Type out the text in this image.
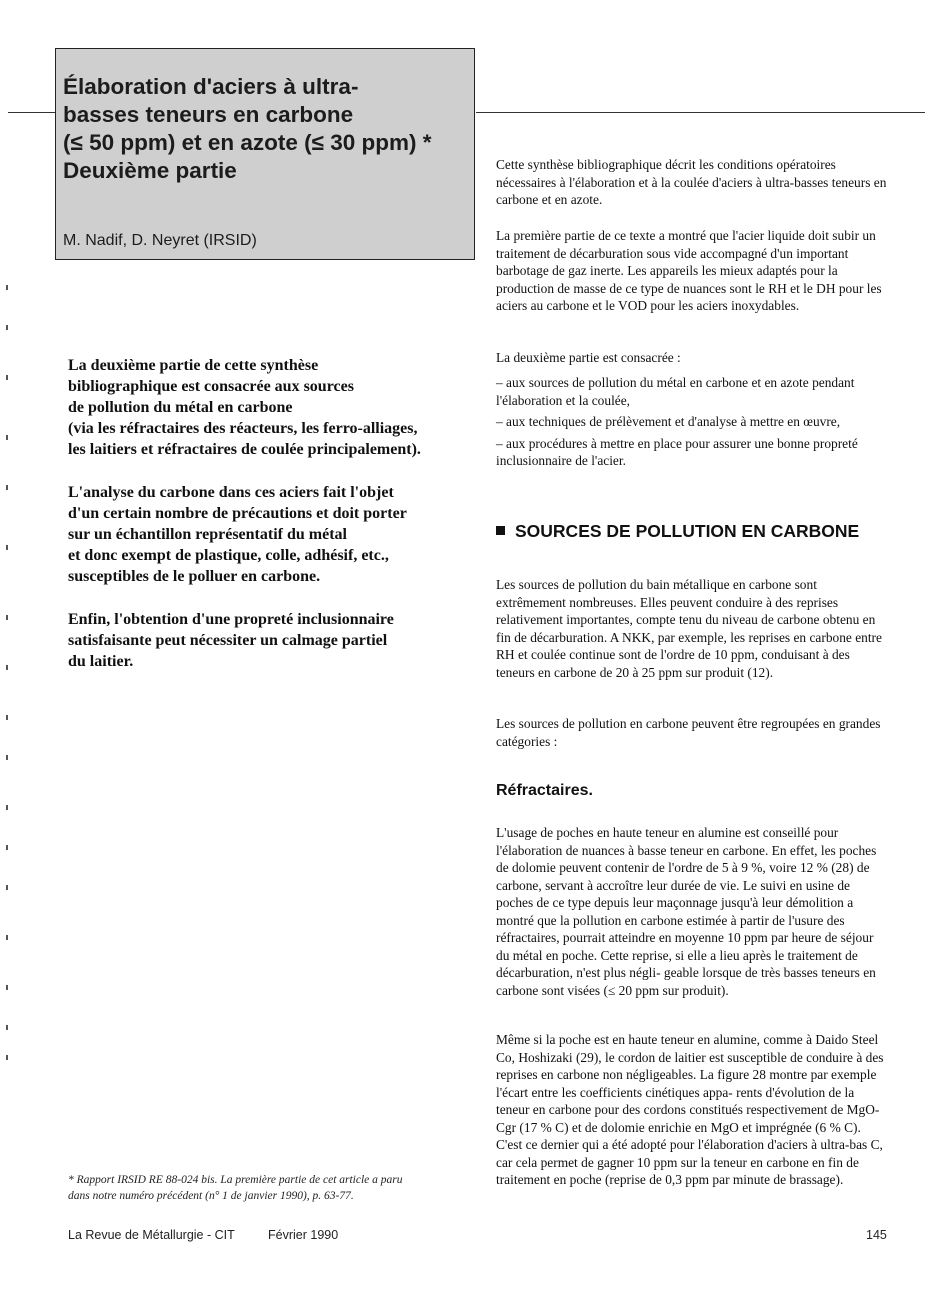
Élaboration d'aciers à ultra-
basses teneurs en carbone
(≤ 50 ppm) et en azote (≤ 30 ppm) *
Deuxième partie
M. Nadif, D. Neyret (IRSID)

La deuxième partie de cette synthèse
bibliographique est consacrée aux sources
de pollution du métal en carbone
(via les réfractaires des réacteurs, les ferro-alliages,
les laitiers et réfractaires de coulée principalement).

L'analyse du carbone dans ces aciers fait l'objet
d'un certain nombre de précautions et doit porter
sur un échantillon représentatif du métal
et donc exempt de plastique, colle, adhésif, etc.,
susceptibles de le polluer en carbone.

Enfin, l'obtention d'une propreté inclusionnaire
satisfaisante peut nécessiter un calmage partiel
du laitier.

* Rapport IRSID RE 88-024 bis. La première partie de cet article a paru
dans notre numéro précédent (n° 1 de janvier 1990), p. 63-77.
La Revue de Métallurgie - CIT	Février 1990	145
Cette synthèse bibliographique décrit les conditions opératoires nécessaires à l'élaboration et à la coulée d'aciers à ultra-basses teneurs en carbone et en azote.
La première partie de ce texte a montré que l'acier liquide doit subir un traitement de décarburation sous vide accompagné d'un important barbotage de gaz inerte. Les appareils les mieux adaptés pour la production de masse de ce type de nuances sont le RH et le DH pour les aciers au carbone et le VOD pour les aciers inoxydables.
La deuxième partie est consacrée :
– aux sources de pollution du métal en carbone et en azote pendant l'élaboration et la coulée,
– aux techniques de prélèvement et d'analyse à mettre en œuvre,
– aux procédures à mettre en place pour assurer une bonne propreté inclusionnaire de l'acier.
SOURCES DE POLLUTION EN CARBONE
Les sources de pollution du bain métallique en carbone sont extrêmement nombreuses. Elles peuvent conduire à des reprises relativement importantes, compte tenu du niveau de carbone obtenu en fin de décarburation. A NKK, par exemple, les reprises en carbone entre RH et coulée continue sont de l'ordre de 10 ppm, conduisant à des teneurs en carbone de 20 à 25 ppm sur produit (12).
Les sources de pollution en carbone peuvent être regroupées en grandes catégories :
Réfractaires.
L'usage de poches en haute teneur en alumine est conseillé pour l'élaboration de nuances à basse teneur en carbone. En effet, les poches de dolomie peuvent contenir de l'ordre de 5 à 9 %, voire 12 % (28) de carbone, servant à accroître leur durée de vie. Le suivi en usine de poches de ce type depuis leur maçonnage jusqu'à leur démolition a montré que la pollution en carbone estimée à partir de l'usure des réfractaires, pourrait atteindre en moyenne 10 ppm par heure de séjour du métal en poche. Cette reprise, si elle a lieu après le traitement de décarburation, n'est plus négli- geable lorsque de très basses teneurs en carbone sont visées (≤ 20 ppm sur produit).
Même si la poche est en haute teneur en alumine, comme à Daido Steel Co, Hoshizaki (29), le cordon de laitier est susceptible de conduire à des reprises en carbone non négligeables. La figure 28 montre par exemple l'écart entre les coefficients cinétiques appa- rents d'évolution de la teneur en carbone pour des cordons constitués respectivement de MgO-Cgr (17 % C) et de dolomie enrichie en MgO et imprégnée (6 % C). C'est ce dernier qui a été adopté pour l'élaboration d'aciers à ultra-bas C, car cela permet de gagner 10 ppm sur la teneur en carbone en fin de traitement en poche (reprise de 0,3 ppm par minute de brassage).
